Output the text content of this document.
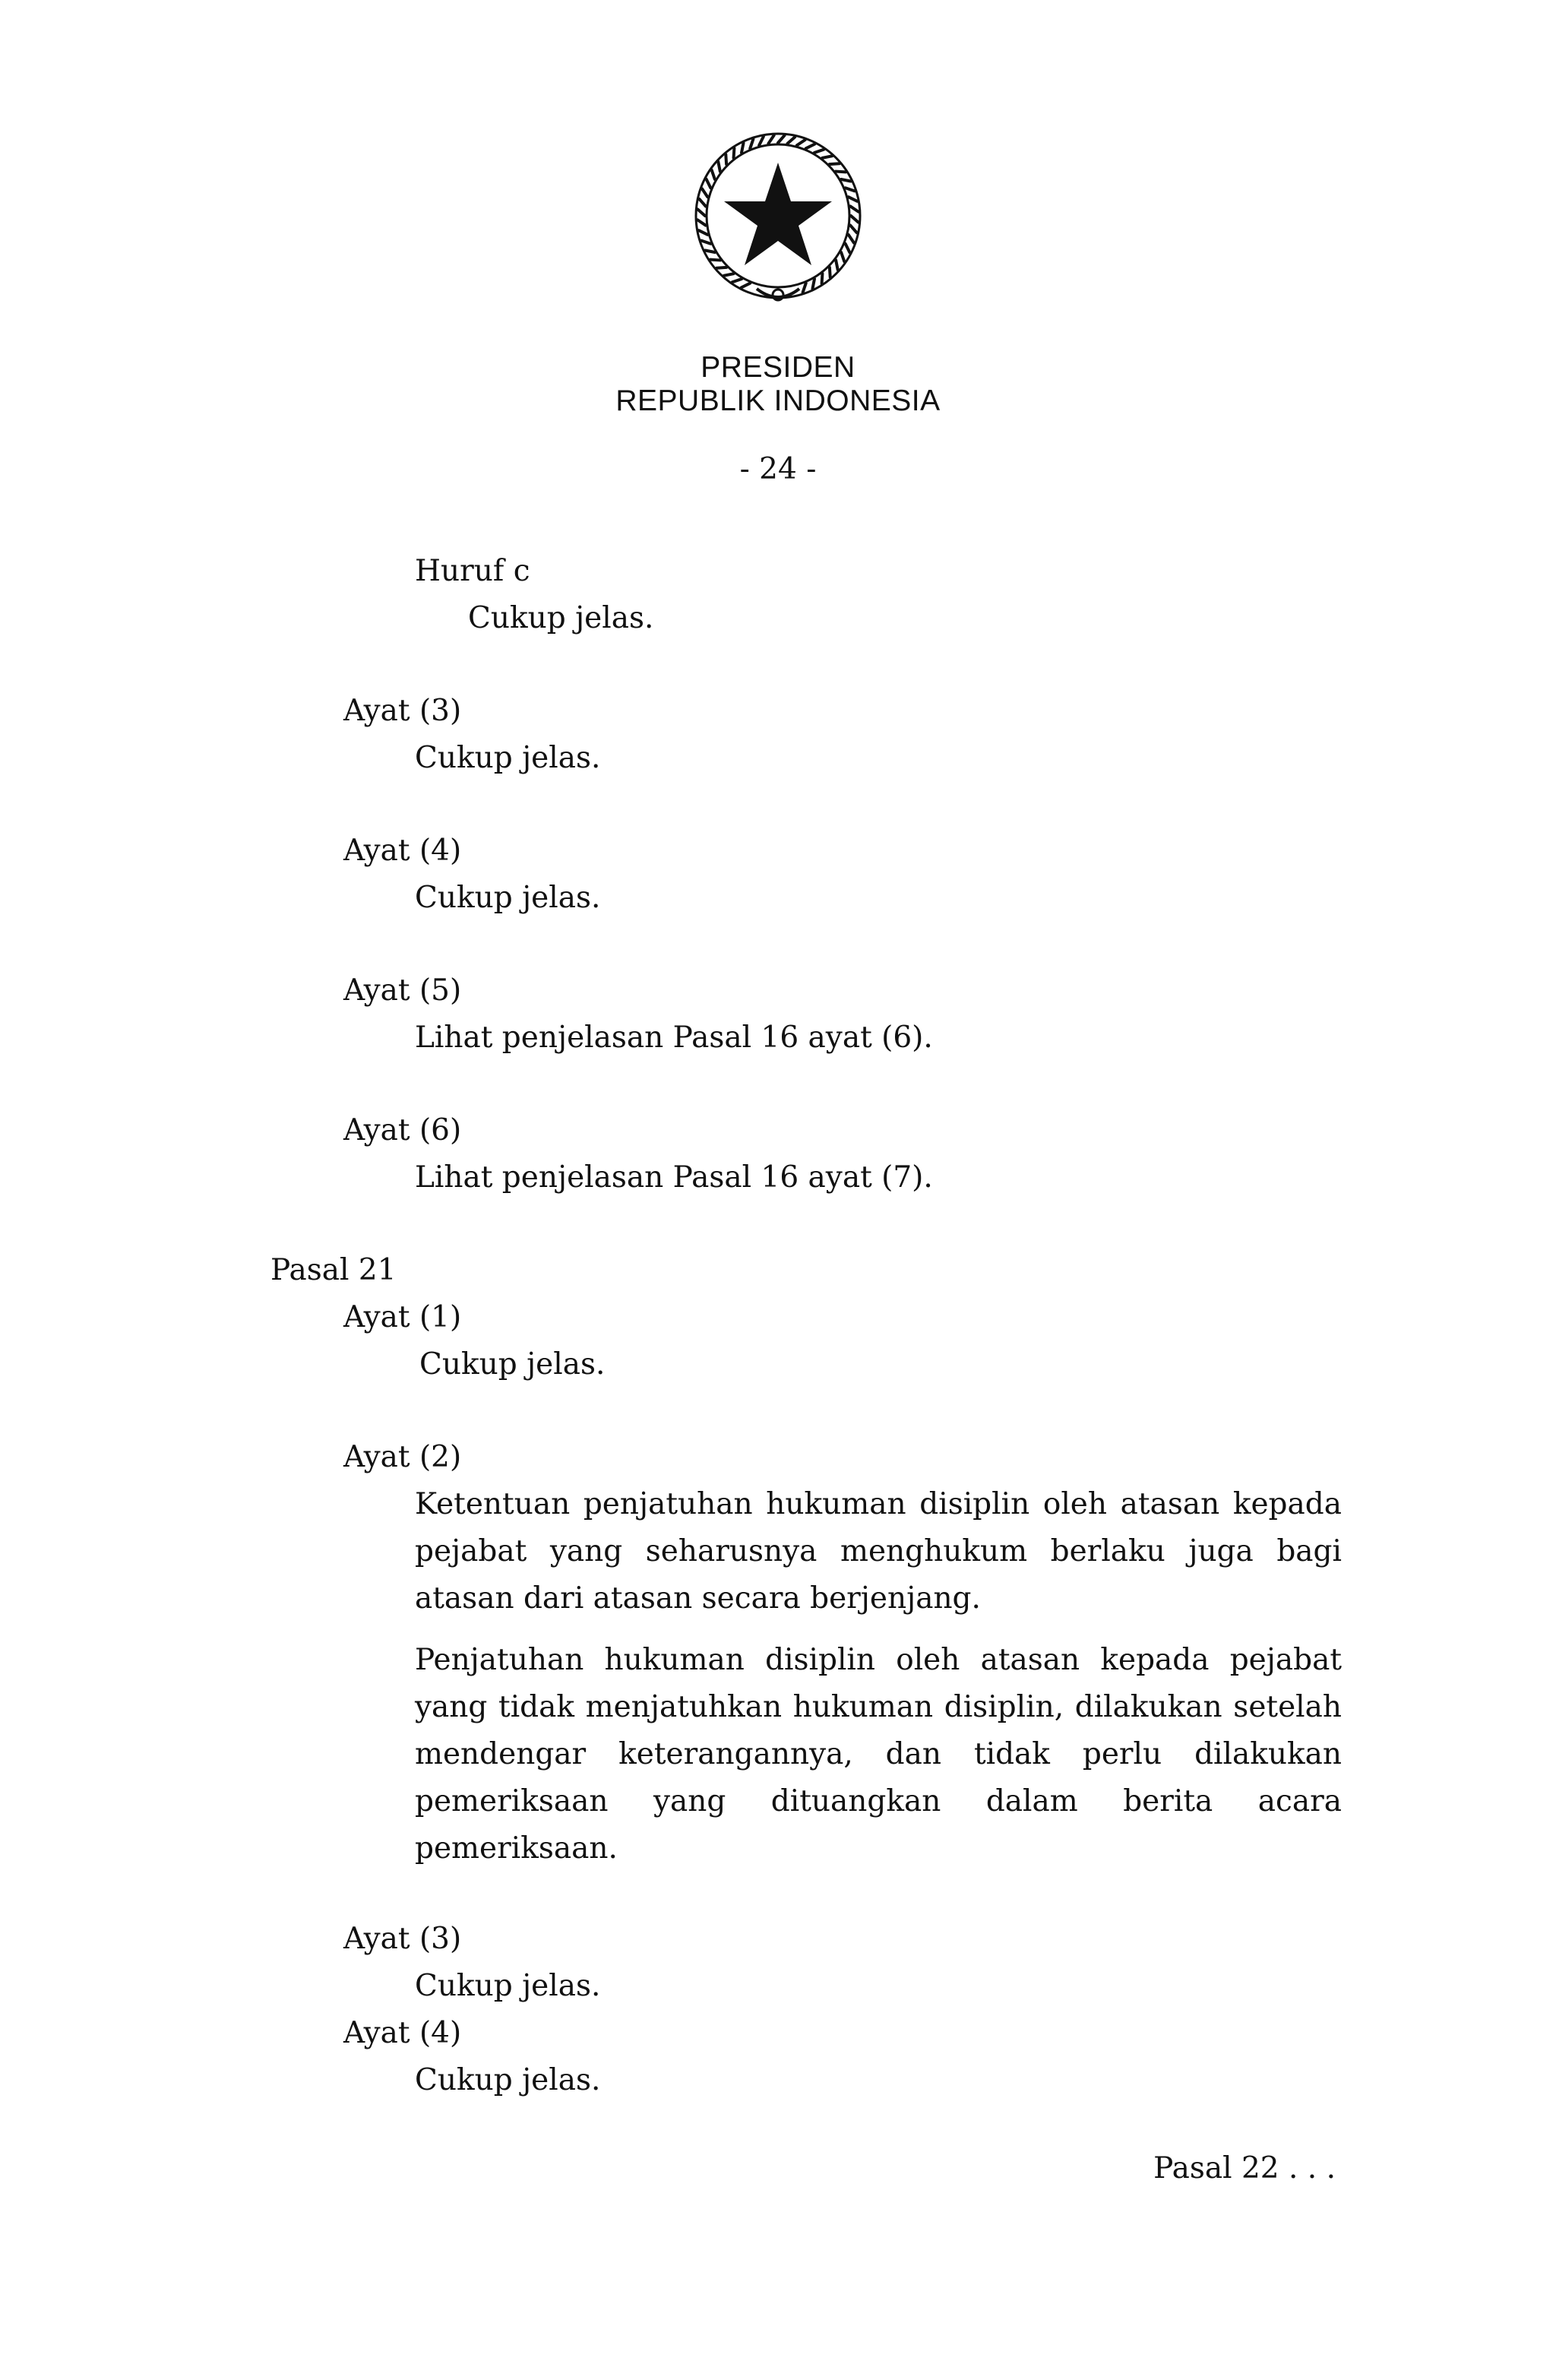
PRESIDEN
REPUBLIK INDONESIA
- 24 -
Huruf c
Cukup jelas.
Ayat (3)
Cukup jelas.
Ayat (4)
Cukup jelas.
Ayat (5)
Lihat penjelasan Pasal 16 ayat (6).
Ayat (6)
Lihat penjelasan Pasal 16 ayat (7).
Pasal 21
Ayat (1)
Cukup jelas.
Ayat (2)
Ketentuan penjatuhan hukuman disiplin oleh atasan kepada pejabat yang seharusnya menghukum berlaku juga bagi atasan dari atasan secara berjenjang.
Penjatuhan hukuman disiplin oleh atasan kepada pejabat yang tidak menjatuhkan hukuman disiplin, dilakukan setelah mendengar keterangannya, dan tidak perlu dilakukan pemeriksaan yang dituangkan dalam berita acara pemeriksaan.
Ayat (3)
Cukup jelas.
Ayat (4)
Cukup jelas.
Pasal 22 . . .
